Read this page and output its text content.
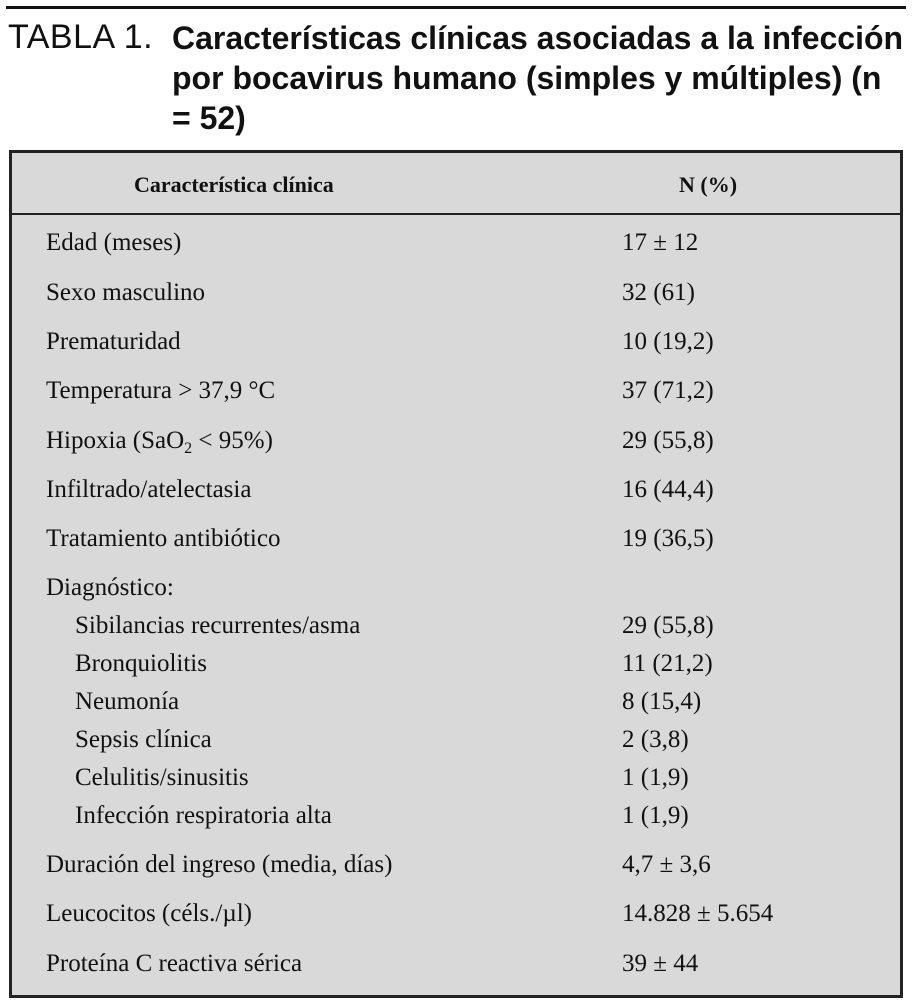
TABLA 1. Características clínicas asociadas a la infección por bocavirus humano (simples y múltiples) (n = 52)
Característica clínica	N (%)
Edad (meses)	17 ± 12
Sexo masculino	32 (61)
Prematuridad	10 (19,2)
Temperatura > 37,9 °C	37 (71,2)
Hipoxia (SaO$_2$ < 95%)	29 (55,8)
Infiltrado/atelectasia	16 (44,4)
Tratamiento antibiótico	19 (36,5)
Diagnóstico:
Sibilancias recurrentes/asma	29 (55,8)
Bronquiolitis	11 (21,2)
Neumonía	8 (15,4)
Sepsis clínica	2 (3,8)
Celulitis/sinusitis	1 (1,9)
Infección respiratoria alta	1 (1,9)
Duración del ingreso (media, días)	4,7 ± 3,6
Leucocitos (céls./µl)	14.828 ± 5.654
Proteína C reactiva sérica	39 ± 44
